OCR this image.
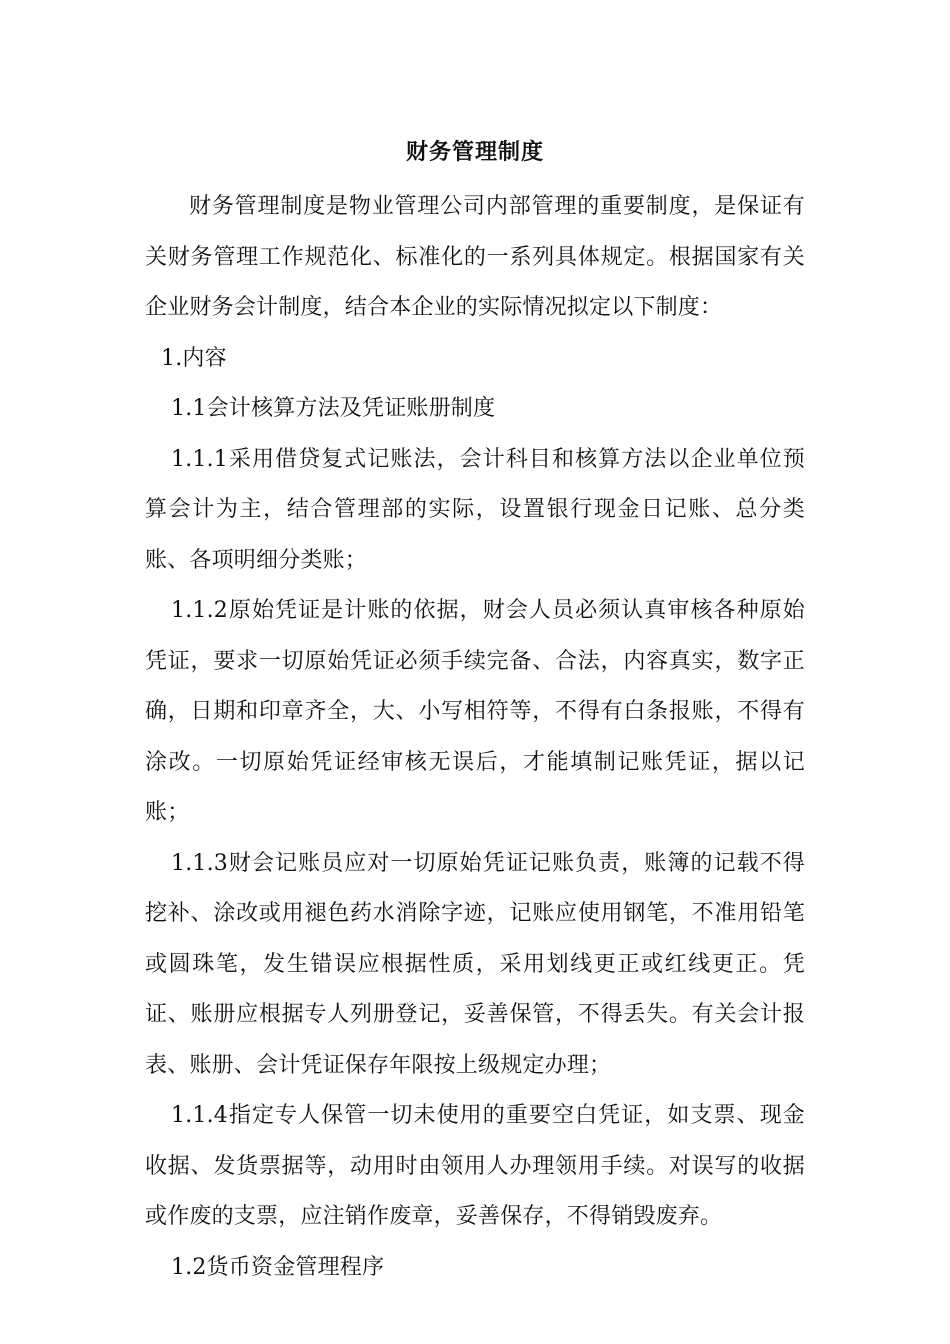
财务管理制度

财务管理制度是物业管理公司内部管理的重要制度，是保证有关财务管理工作规范化、标准化的一系列具体规定。根据国家有关企业财务会计制度，结合本企业的实际情况拟定以下制度：

1.内容

1.1会计核算方法及凭证账册制度

1.1.1采用借贷复式记账法，会计科目和核算方法以企业单位预算会计为主，结合管理部的实际，设置银行现金日记账、总分类账、各项明细分类账；

1.1.2原始凭证是计账的依据，财会人员必须认真审核各种原始凭证，要求一切原始凭证必须手续完备、合法，内容真实，数字正确，日期和印章齐全，大、小写相符等，不得有白条报账，不得有涂改。一切原始凭证经审核无误后，才能填制记账凭证，据以记账；

1.1.3财会记账员应对一切原始凭证记账负责，账簿的记载不得挖补、涂改或用褪色药水消除字迹，记账应使用钢笔，不准用铅笔或圆珠笔，发生错误应根据性质，采用划线更正或红线更正。凭证、账册应根据专人列册登记，妥善保管，不得丢失。有关会计报表、账册、会计凭证保存年限按上级规定办理；

1.1.4指定专人保管一切未使用的重要空白凭证，如支票、现金收据、发货票据等，动用时由领用人办理领用手续。对误写的收据或作废的支票，应注销作废章，妥善保存，不得销毁废弃。

1.2货币资金管理程序
